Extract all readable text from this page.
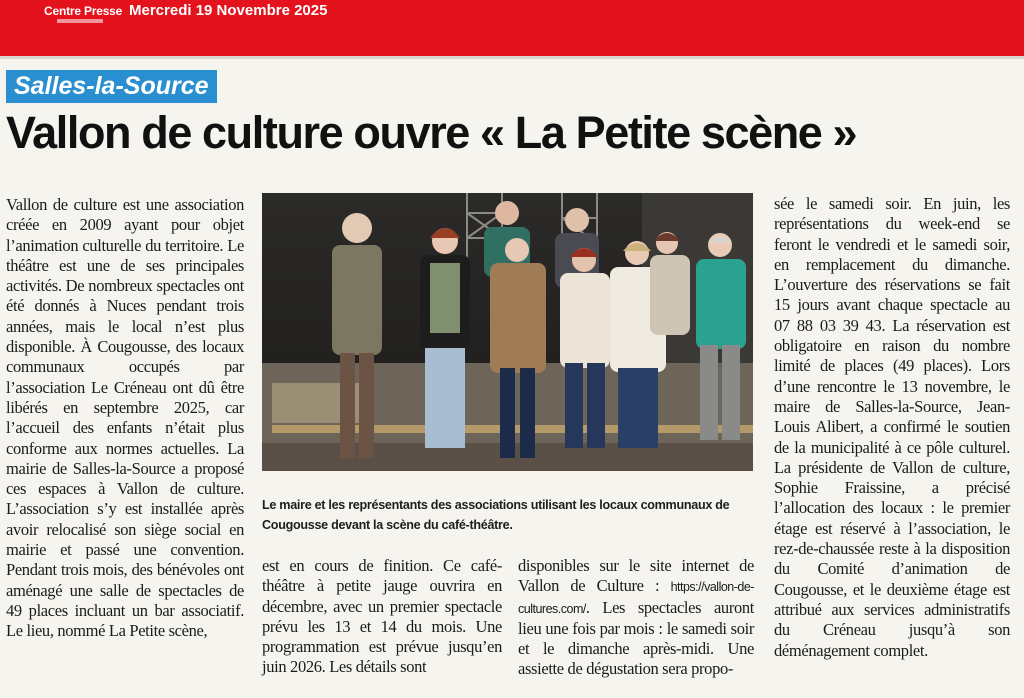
Centre Presse Mercredi 19 Novembre 2025
Salles-la-Source
Vallon de culture ouvre « La Petite scène »

Vallon de culture est une association créée en 2009 ayant pour objet l’animation culturelle du territoire. Le théâtre est une de ses principales activités. De nombreux spectacles ont été donnés à Nuces pendant trois années, mais le local n’est plus disponible. À Cougousse, des locaux communaux occupés par l’association Le Créneau ont dû être libérés en septembre 2025, car l’accueil des enfants n’était plus conforme aux normes actuelles. La mairie de Salles-la-Source a proposé ces espaces à Vallon de culture. L’association s’y est installée après avoir relocalisé son siège social en mairie et passé une convention. Pendant trois mois, des bénévoles ont aménagé une salle de spectacles de 49 places incluant un bar associatif. Le lieu, nommé La Petite scène,

Le maire et les représentants des associations utilisant les locaux communaux de Cougousse devant la scène du café-théâtre.

est en cours de finition. Ce café-théâtre à petite jauge ouvrira en décembre, avec un premier spectacle prévu les 13 et 14 du mois. Une programmation est prévue jusqu’en juin 2026. Les détails sont

disponibles sur le site internet de Vallon de Culture : https://vallon-de-cultures.com/. Les spectacles auront lieu une fois par mois : le samedi soir et le dimanche après-midi. Une assiette de dégustation sera propo-

sée le samedi soir. En juin, les représentations du week-end se feront le vendredi et le samedi soir, en remplacement du dimanche. L’ouverture des réservations se fait 15 jours avant chaque spectacle au 07 88 03 39 43. La réservation est obligatoire en raison du nombre limité de places (49 places). Lors d’une rencontre le 13 novembre, le maire de Salles-la-Source, Jean-Louis Alibert, a confirmé le soutien de la municipalité à ce pôle culturel. La présidente de Vallon de culture, Sophie Fraissine, a précisé l’allocation des locaux : le premier étage est réservé à l’association, le rez-de-chaussée reste à la disposition du Comité d’animation de Cougousse, et le deuxième étage est attribué aux services administratifs du Créneau jusqu’à son déménagement complet.
